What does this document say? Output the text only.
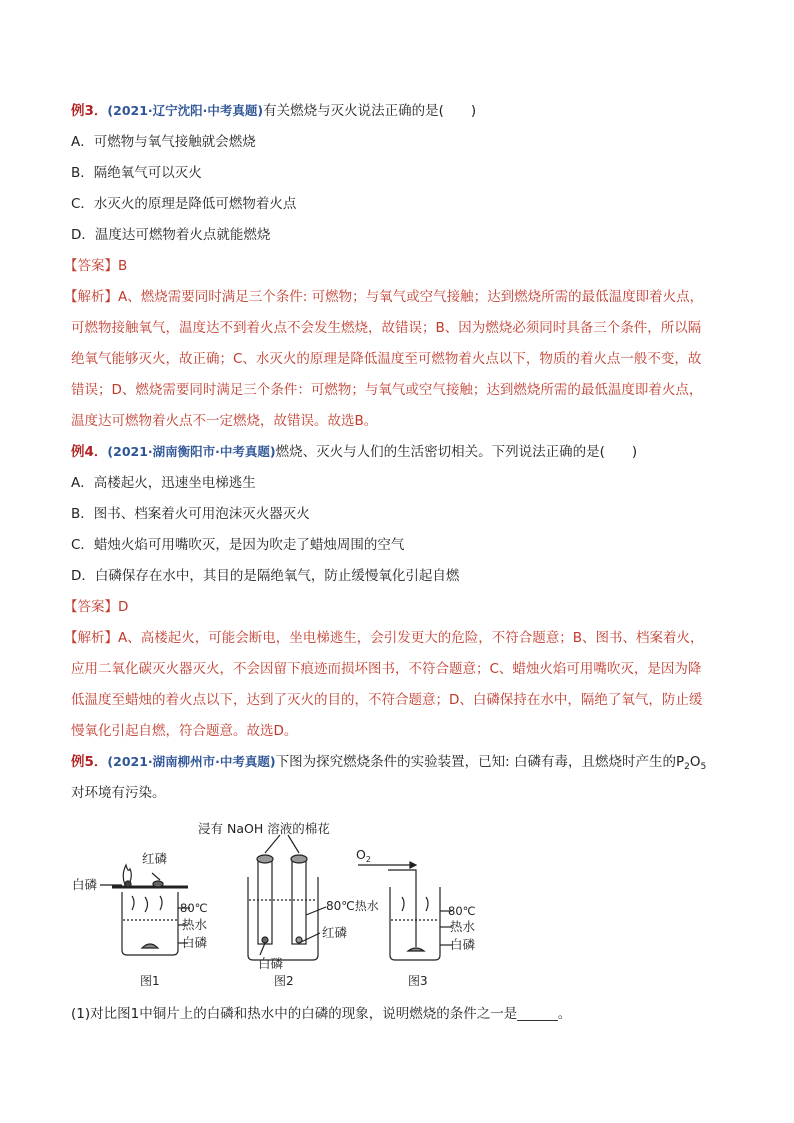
例3．(2021·辽宁沈阳·中考真题)有关燃烧与灭火说法正确的是(　　)
A．可燃物与氧气接触就会燃烧
B．隔绝氧气可以灭火
C．水灭火的原理是降低可燃物着火点
D．温度达可燃物着火点就能燃烧
【答案】B
【解析】A、燃烧需要同时满足三个条件: 可燃物；与氧气或空气接触；达到燃烧所需的最低温度即着火点，
可燃物接触氧气，温度达不到着火点不会发生燃烧，故错误；B、因为燃烧必须同时具备三个条件，所以隔
绝氧气能够灭火，故正确；C、水灭火的原理是降低温度至可燃物着火点以下，物质的着火点一般不变，故
错误；D、燃烧需要同时满足三个条件：可燃物；与氧气或空气接触；达到燃烧所需的最低温度即着火点，
温度达可燃物着火点不一定燃烧，故错误。故选B。
例4．(2021·湖南衡阳市·中考真题)燃烧、灭火与人们的生活密切相关。下列说法正确的是(　　)
A．高楼起火，迅速坐电梯逃生
B．图书、档案着火可用泡沫灭火器灭火
C．蜡烛火焰可用嘴吹灭，是因为吹走了蜡烛周围的空气
D．白磷保存在水中，其目的是隔绝氧气，防止缓慢氧化引起自燃
【答案】D
【解析】A、高楼起火，可能会断电，坐电梯逃生，会引发更大的危险，不符合题意；B、图书、档案着火，
应用二氧化碳灭火器灭火，不会因留下痕迹而损坏图书，不符合题意；C、蜡烛火焰可用嘴吹灭，是因为降
低温度至蜡烛的着火点以下，达到了灭火的目的，不符合题意；D、白磷保持在水中，隔绝了氧气，防止缓
慢氧化引起自燃，符合题意。故选D。
例5．(2021·湖南柳州市·中考真题)下图为探究燃烧条件的实验装置，已知: 白磷有毒，且燃烧时产生的$P_2O_5$
对环境有污染。
白磷
红磷
80℃
热水
白磷
图1
浸有 NaOH 溶液的棉花
80℃热水
红磷
白磷
图2
$O_2$
80℃
热水
白磷
图3
(1)对比图1中铜片上的白磷和热水中的白磷的现象，说明燃烧的条件之一是______。
